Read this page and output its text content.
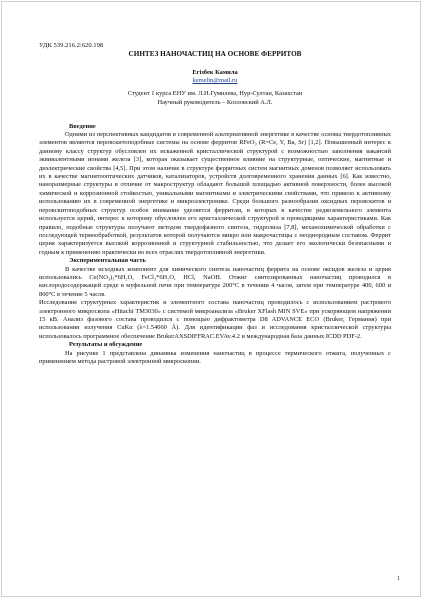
УДК 539.216.2:620.198

СИНТЕЗ НАНОЧАСТИЦ НА ОСНОВЕ ФЕРРИТОВ

Егізбек Камила

kemelin@mail.ru

Студент 1 курса ЕНУ им. Л.Н.Гумилева, Нур-Султан, Казахстан

Научный руководитель – Козловский А.Л.

Введение

Одними из перспективных кандидатов в современной альтернативной энергетике в качестве основы твердотопливных элементов являются перовскитоподобные системы на основе ферритов RFeO₃ (R=Ce, Y, Ba, Sr) [1,2]. Повышенный интерес к данному классу структур обусловлен их искаженной кристаллической структурой с возможностью заполнения вакансий эквивалентными ионами железа [3], которая оказывает существенное влияние на структурные, оптические, магнитные и диэлектрические свойства [4,5]. При этом наличие в структуре ферритных систем магнитных доменов позволяет использовать их в качестве магнитооптических датчиков, катализаторов, устройств долговременного хранения данных [6]. Как известно, наноразмерные структуры в отличие от макроструктур обладают большой площадью активной поверхности, более высокой химической и коррозионной стойкостью, уникальными магнитными и электрическими свойствами, что привело к активному использованию их в современной энергетике и микроэлектронике. Среди большого разнообразия оксидных перовскитов и перовскитоподобных структур особое внимание уделяется ферритам, в которых в качестве редкоземельного элемента используется церий, интерес к которому обусловлен его кристаллической структурой и проводящими характеристиками. Как правило, подобные структуры получают методом твердофазного синтеза, гидролиза [7,8], механохимической обработки с последующей термообработкой, результатов которой получаются микро или макрочастицы с неоднородным составом. Феррит церия характеризуется высокой коррозионной и структурной стабильностью, что делает его экологически безопасными и годным к применению практически во всех отраслях твердотопливной энергетики.

Экспериментальная часть

В качестве исходных компонент для химического синтеза наночастиц феррита на основе оксидов железа и церия использовались Ce(NO₃)₃*6H₂O, FeCl₃*6H₂O, HCl, NaOH. Отжиг синтезированных наночастиц проводился в кислородосодержащей среде в муфельной печи при температуре 200°C в течении 4 часов, затем при температуре 400, 600 и 800°C в течение 5 часов.

Исследование структурных характеристик и элементного состава наночастиц проводилось с использованием растрового электронного микроскопа «Hitachi TM3030» с системой микроанализа «Bruker XFlash MIN SVE» при ускоряющем напряжении 15 кВ. Анализ фазового состава проводился с помощью дифрактометра D8 ADVANCE ECO (Bruker, Германия) при использовании излучения CuKα (λ=1.54060 Å). Для идентификации фаз и исследования кристаллической структуры использовалось программное обеспечение BrukerAXSDIFFRAC.EVAv.4.2 и международная база данных ICDD PDF-2.

Результаты и обсуждение

На рисунке 1 представлена динамика изменения наночастиц в процессе термического отжига, полученных с применением метода растровой электронной микроскопии.

1
